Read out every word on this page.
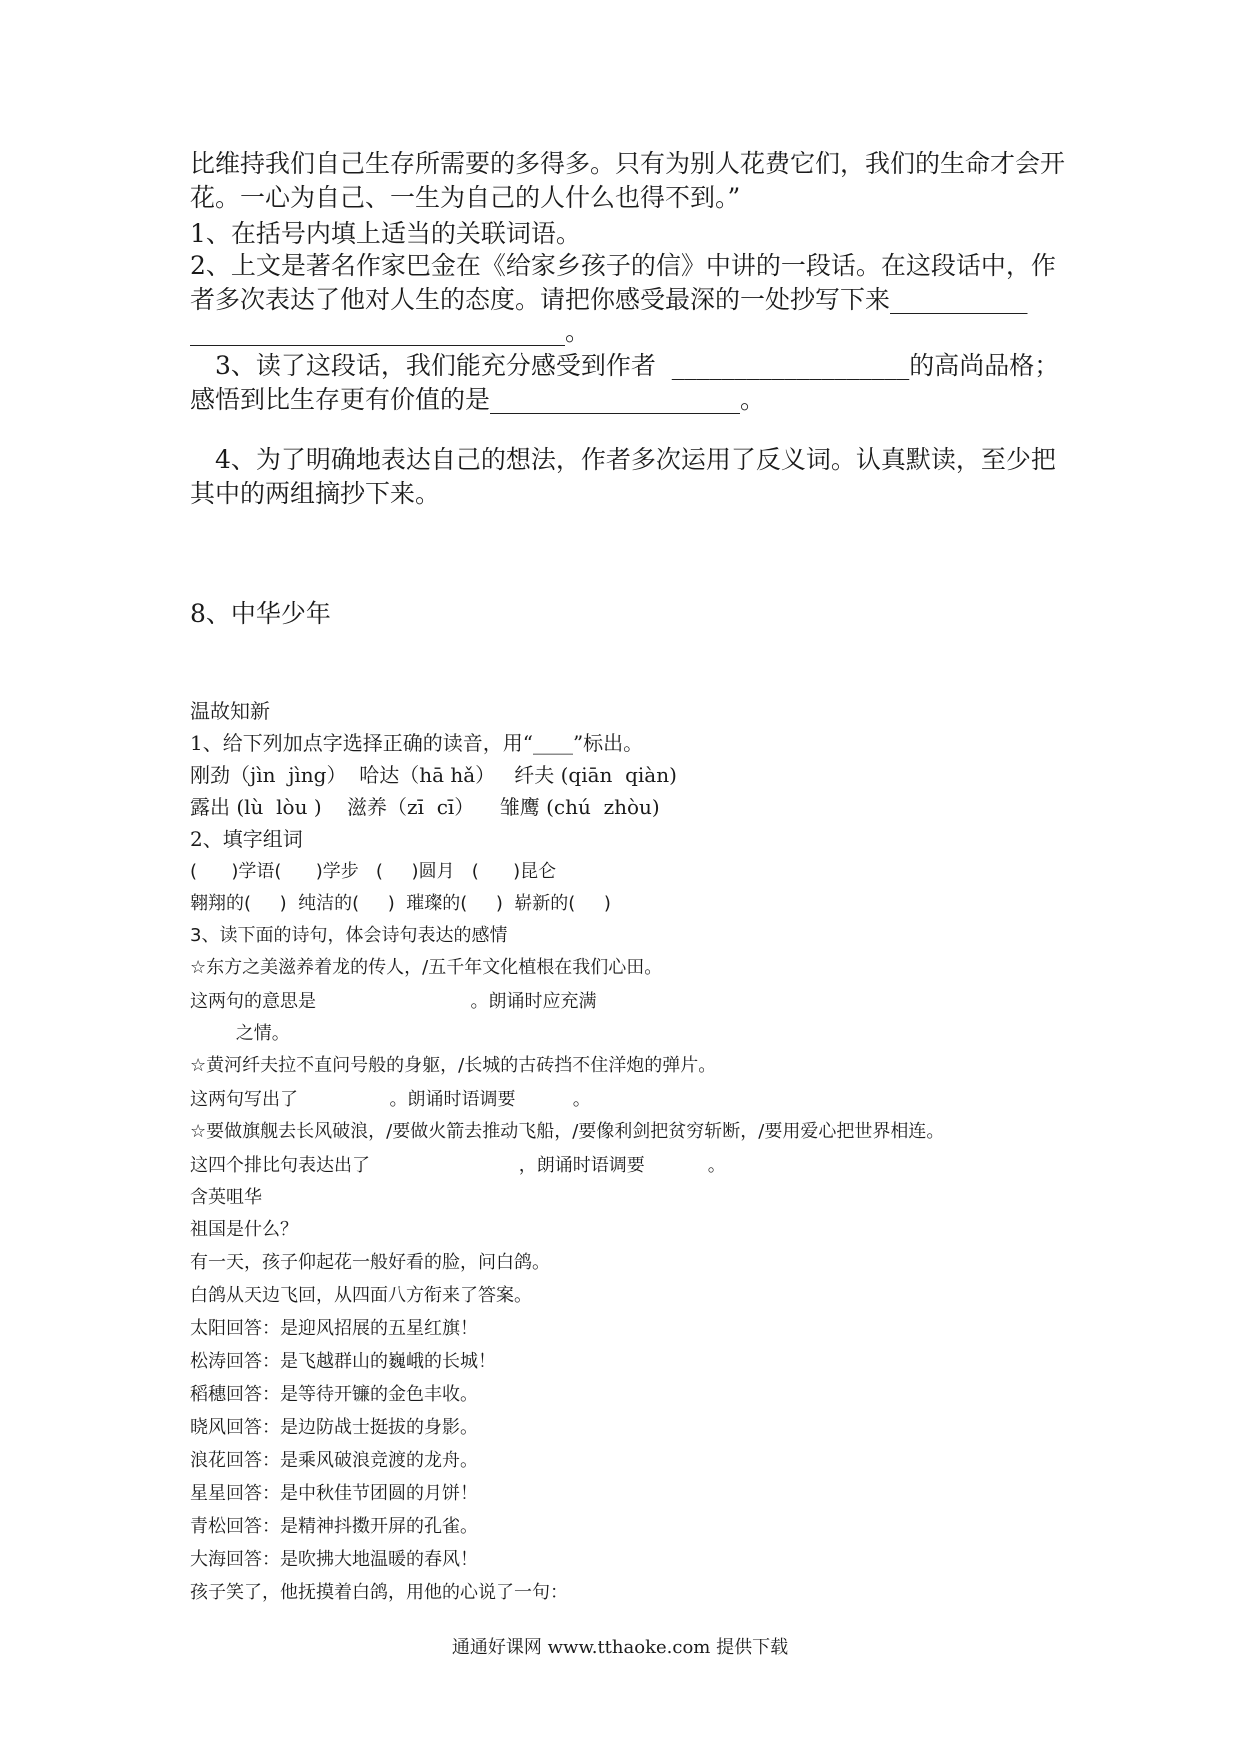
比维持我们自己生存所需要的多得多。只有为别人花费它们，我们的生命才会开
花。一心为自己、一生为自己的人什么也得不到。”
1、在括号内填上适当的关联词语。
2、上文是著名作家巴金在《给家乡孩子的信》中讲的一段话。在这段话中，作
者多次表达了他对人生的态度。请把你感受最深的一处抄写下来___________
______________________________。
　3、读了这段话，我们能充分感受到作者  ___________________的高尚品格；
感悟到比生存更有价值的是____________________。
　4、为了明确地表达自己的想法，作者多次运用了反义词。认真默读，至少把
其中的两组摘抄下来。
8、中华少年
温故知新
1、给下列加点字选择正确的读音，用“____”标出。
刚劲（jìn  jìng）  哈达（hā hǎ）   纤夫 (qiān  qiàn)
露出 (lù  lòu )    滋养（zī  cī）    雏鹰 (chú  zhòu)
2、填字组词
(      )学语(      )学步   (     )圆月   (      )昆仑
翱翔的(     )  纯洁的(     )  璀璨的(     )  崭新的(     )
3、读下面的诗句，体会诗句表达的感情
☆东方之美滋养着龙的传人，/五千年文化植根在我们心田。
这两句的意思是                           。朗诵时应充满
之情。
☆黄河纤夫拉不直问号般的身躯，/长城的古砖挡不住洋炮的弹片。
这两句写出了                。朗诵时语调要          。
☆要做旗舰去长风破浪，/要做火箭去推动飞船，/要像利剑把贫穷斩断，/要用爱心把世界相连。
这四个排比句表达出了                          ，朗诵时语调要           。
含英咀华
祖国是什么？
有一天，孩子仰起花一般好看的脸，问白鸽。
白鸽从天边飞回，从四面八方衔来了答案。
太阳回答：是迎风招展的五星红旗！
松涛回答：是飞越群山的巍峨的长城！
稻穗回答：是等待开镰的金色丰收。
晓风回答：是边防战士挺拔的身影。
浪花回答：是乘风破浪竞渡的龙舟。
星星回答：是中秋佳节团圆的月饼！
青松回答：是精神抖擞开屏的孔雀。
大海回答：是吹拂大地温暖的春风！
孩子笑了，他抚摸着白鸽，用他的心说了一句：
通通好课网 www.tthaoke.com 提供下载
